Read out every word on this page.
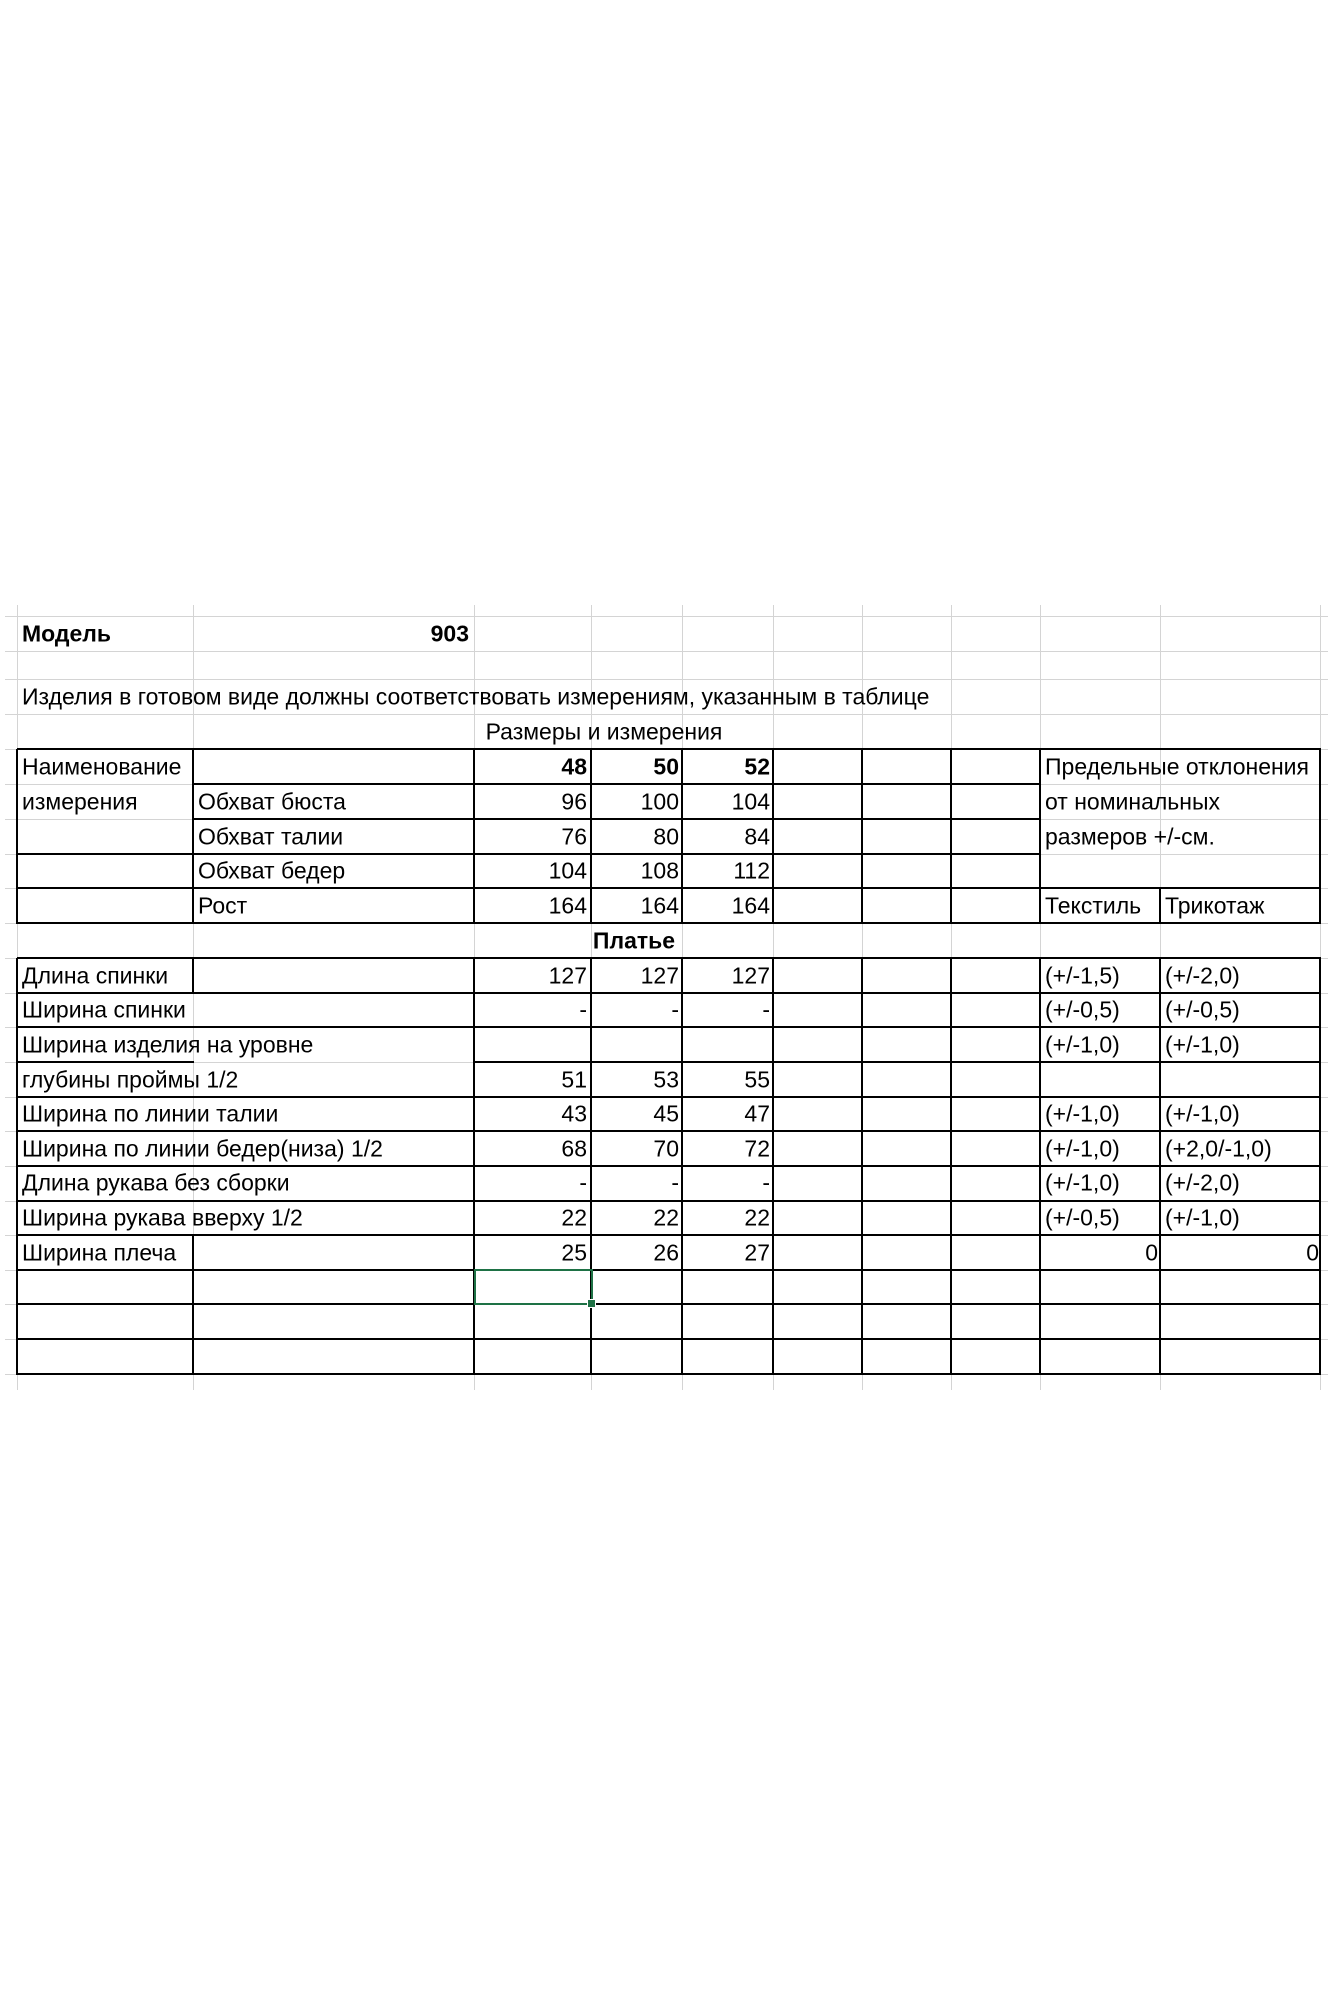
Модель	903
Изделия в готовом виде должны соответствовать измерениям, указанным в таблице
Размеры и измерения
Наименование	48	50	52	Предельные отклонения
измерения	от номинальных
размеров +/-см.
Текстиль Трикотаж
Обхват бюста	96 100 104
Обхват талии	76	80	84
Обхват бедер	104 108 112
Рост	164 164 164
Платье
Длина спинки	127 127 127	(+/-1,5) (+/-2,0)
Ширина спинки	-	-	-	(+/-0,5) (+/-0,5)
Ширина изделия на уровне	(+/-1,0) (+/-1,0)
глубины проймы 1/2	51	53	55
Ширина по линии талии	43	45	47	(+/-1,0) (+/-1,0)
Ширина по линии бедер(низа) 1/2	68	70	72	(+/-1,0) (+2,0/-1,0)
Длина рукава без сборки	-	-	-	(+/-1,0) (+/-2,0)
Ширина рукава вверху 1/2	22	22	22	(+/-0,5) (+/-1,0)
Ширина плеча	25	26	27	0	0
